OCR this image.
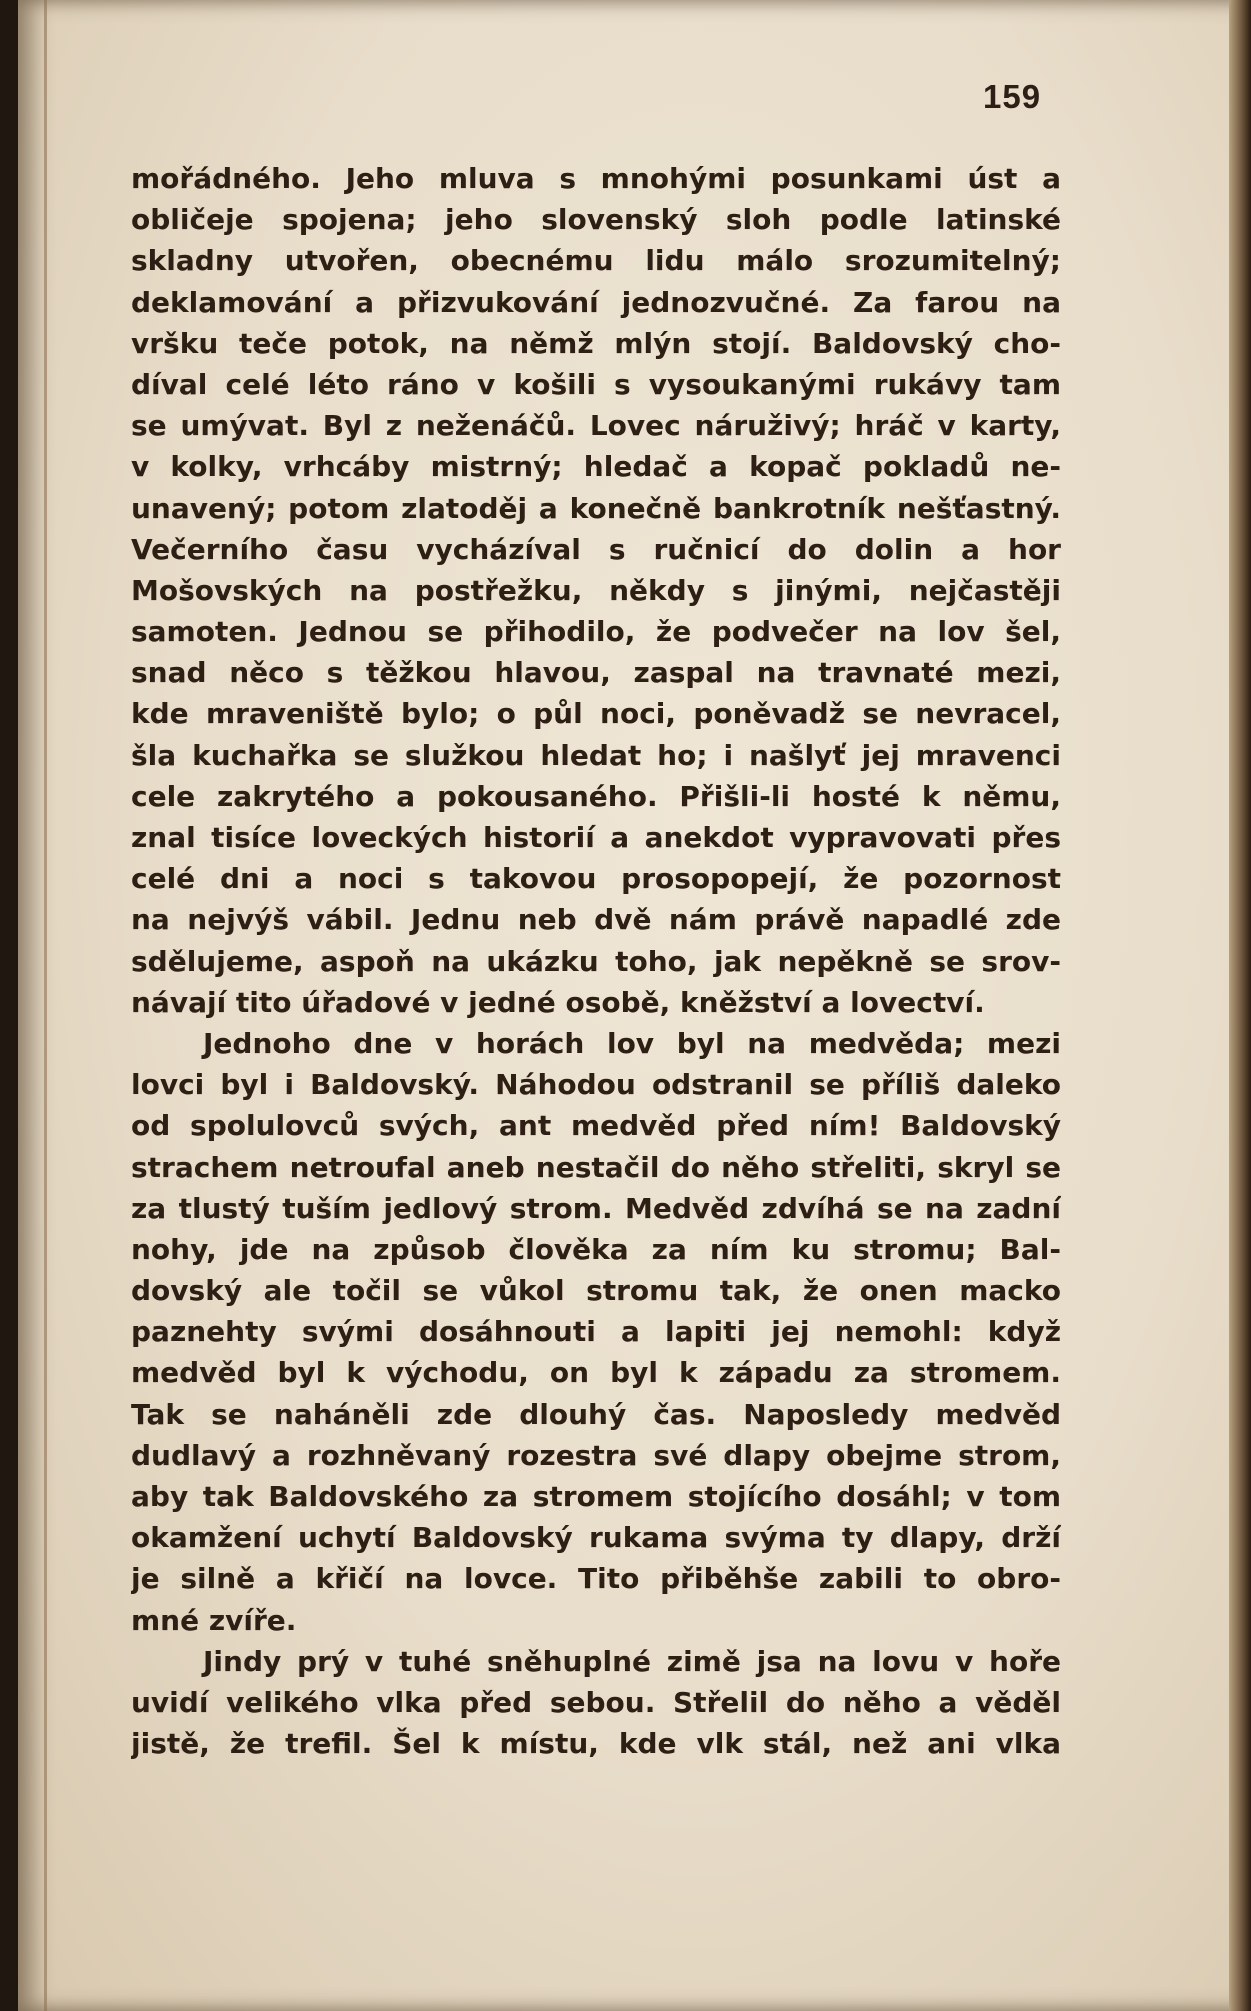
159
mořádného. Jeho mluva s mnohými posunkami úst a
obličeje spojena; jeho slovenský sloh podle latinské
skladny utvořen, obecnému lidu málo srozumitelný;
deklamování a přizvukování jednozvučné. Za farou na
vršku teče potok, na němž mlýn stojí. Baldovský cho-
díval celé léto ráno v košili s vysoukanými rukávy tam
se umývat. Byl z neženáčů. Lovec náruživý; hráč v karty,
v kolky, vrhcáby mistrný; hledač a kopač pokladů ne-
unavený; potom zlatoděj a konečně bankrotník nešťastný.
Večerního času vycházíval s ručnicí do dolin a hor
Mošovských na postřežku, někdy s jinými, nejčastěji
samoten. Jednou se přihodilo, že podvečer na lov šel,
snad něco s těžkou hlavou, zaspal na travnaté mezi,
kde mraveniště bylo; o půl noci, poněvadž se nevracel,
šla kuchařka se služkou hledat ho; i našlyť jej mravenci
cele zakrytého a pokousaného. Přišli-li hosté k němu,
znal tisíce loveckých historií a anekdot vypravovati přes
celé dni a noci s takovou prosopopejí, že pozornost
na nejvýš vábil. Jednu neb dvě nám právě napadlé zde
sdělujeme, aspoň na ukázku toho, jak nepěkně se srov-
návají tito úřadové v jedné osobě, kněžství a lovectví.
Jednoho dne v horách lov byl na medvěda; mezi
lovci byl i Baldovský. Náhodou odstranil se příliš daleko
od spolulovců svých, ant medvěd před ním! Baldovský
strachem netroufal aneb nestačil do něho střeliti, skryl se
za tlustý tuším jedlový strom. Medvěd zdvíhá se na zadní
nohy, jde na způsob člověka za ním ku stromu; Bal-
dovský ale točil se vůkol stromu tak, že onen macko
paznehty svými dosáhnouti a lapiti jej nemohl: když
medvěd byl k východu, on byl k západu za stromem.
Tak se naháněli zde dlouhý čas. Naposledy medvěd
dudlavý a rozhněvaný rozestra své dlapy obejme strom,
aby tak Baldovského za stromem stojícího dosáhl; v tom
okamžení uchytí Baldovský rukama svýma ty dlapy, drží
je silně a křičí na lovce. Tito přiběhše zabili to obro-
mné zvíře.
Jindy prý v tuhé sněhuplné zimě jsa na lovu v hoře
uvidí velikého vlka před sebou. Střelil do něho a věděl
jistě, že trefil. Šel k místu, kde vlk stál, než ani vlka
